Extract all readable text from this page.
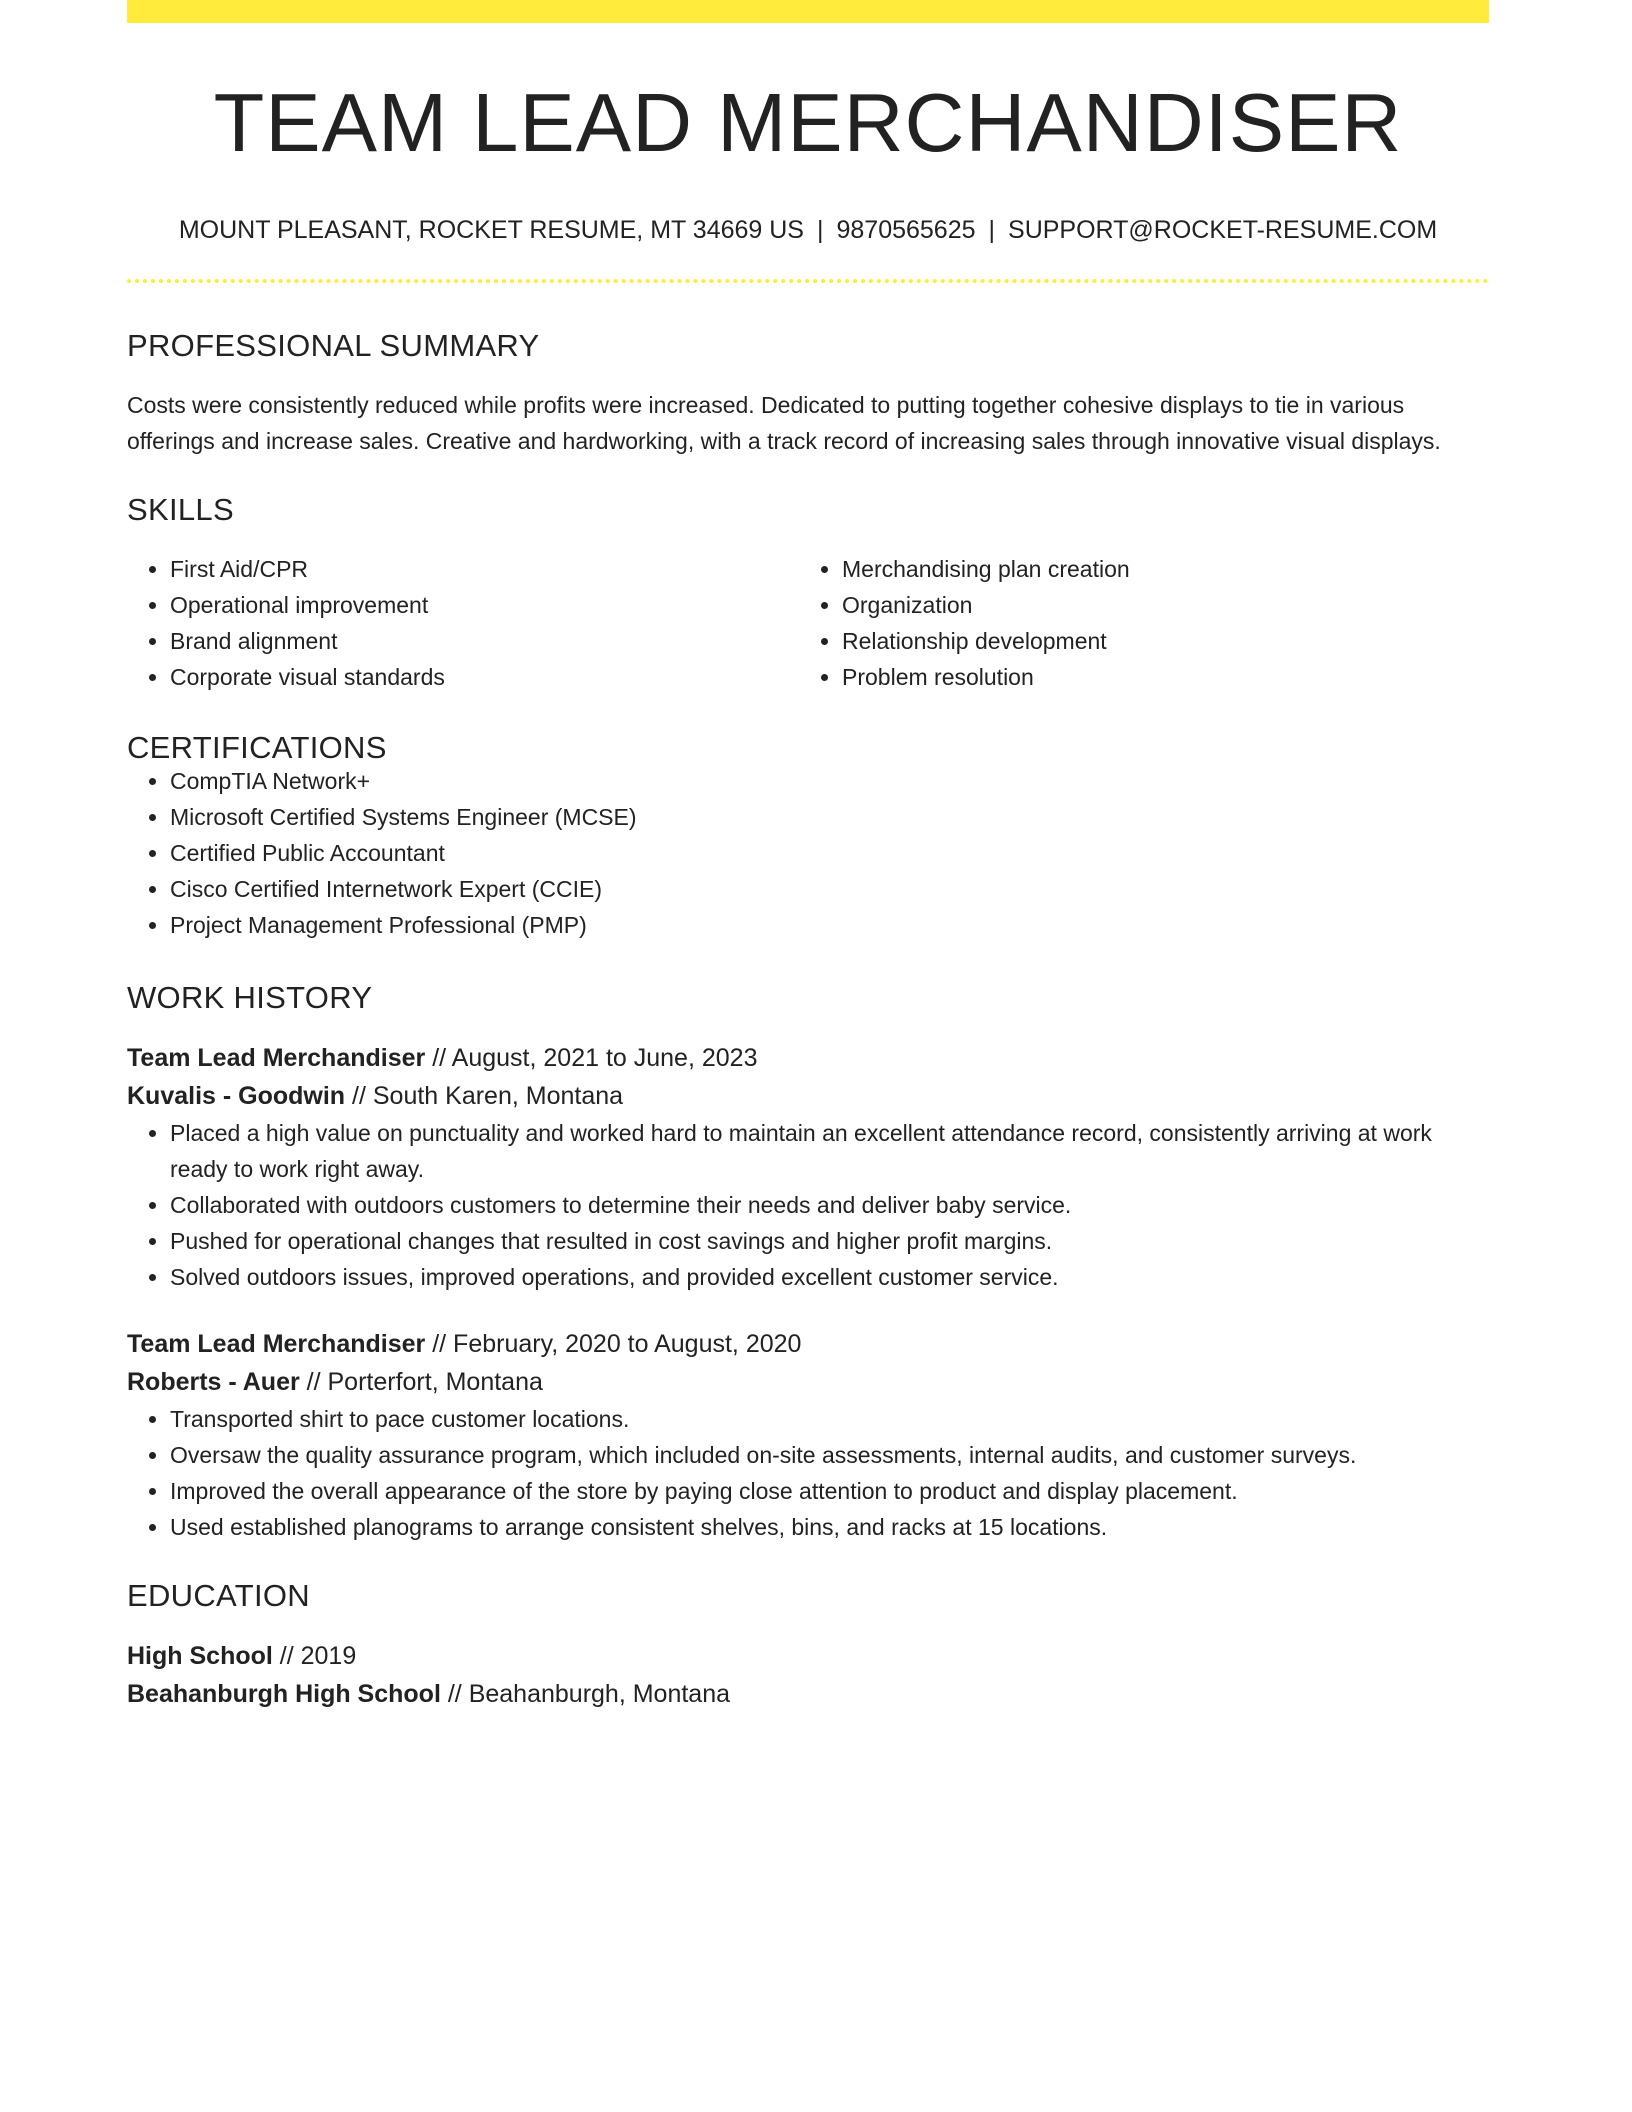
TEAM LEAD MERCHANDISER
MOUNT PLEASANT, ROCKET RESUME, MT 34669 US | 9870565625 | SUPPORT@ROCKET-RESUME.COM
PROFESSIONAL SUMMARY
Costs were consistently reduced while profits were increased. Dedicated to putting together cohesive displays to tie in various offerings and increase sales. Creative and hardworking, with a track record of increasing sales through innovative visual displays.
SKILLS
• First Aid/CPR
• Operational improvement
• Brand alignment
• Corporate visual standards
• Merchandising plan creation
• Organization
• Relationship development
• Problem resolution
CERTIFICATIONS
• CompTIA Network+
• Microsoft Certified Systems Engineer (MCSE)
• Certified Public Accountant
• Cisco Certified Internetwork Expert (CCIE)
• Project Management Professional (PMP)
WORK HISTORY
Team Lead Merchandiser // August, 2021 to June, 2023
Kuvalis - Goodwin // South Karen, Montana
• Placed a high value on punctuality and worked hard to maintain an excellent attendance record, consistently arriving at work ready to work right away.
• Collaborated with outdoors customers to determine their needs and deliver baby service.
• Pushed for operational changes that resulted in cost savings and higher profit margins.
• Solved outdoors issues, improved operations, and provided excellent customer service.
Team Lead Merchandiser // February, 2020 to August, 2020
Roberts - Auer // Porterfort, Montana
• Transported shirt to pace customer locations.
• Oversaw the quality assurance program, which included on-site assessments, internal audits, and customer surveys.
• Improved the overall appearance of the store by paying close attention to product and display placement.
• Used established planograms to arrange consistent shelves, bins, and racks at 15 locations.
EDUCATION
High School // 2019
Beahanburgh High School // Beahanburgh, Montana
